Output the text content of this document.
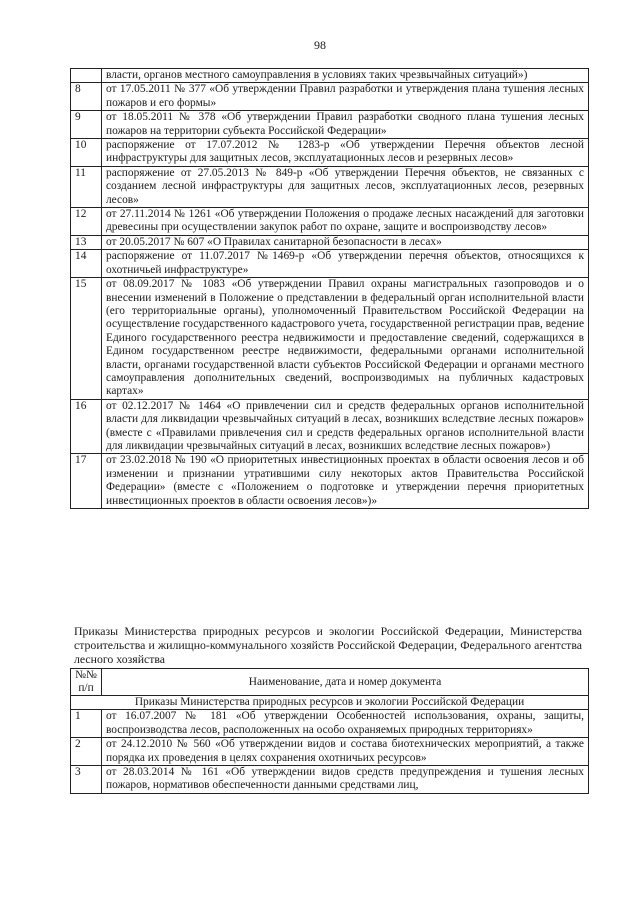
98
	власти, органов местного самоуправления в условиях таких чрезвычайных ситуаций»)
8	от 17.05.2011 № 377 «Об утверждении Правил разработки и утверждения плана тушения лесных пожаров и его формы»
9	от 18.05.2011 № 378 «Об утверждении Правил разработки сводного плана тушения лесных пожаров на территории субъекта Российской Федерации»
10	распоряжение от 17.07.2012 № 1283-р «Об утверждении Перечня объектов лесной инфраструктуры для защитных лесов, эксплуатационных лесов и резервных лесов»
11	распоряжение от 27.05.2013 № 849-р «Об утверждении Перечня объектов, не связанных с созданием лесной инфраструктуры для защитных лесов, эксплуатационных лесов, резервных лесов»
12	от 27.11.2014 № 1261 «Об утверждении Положения о продаже лесных насаждений для заготовки древесины при осуществлении закупок работ по охране, защите и воспроизводству лесов»
13	от 20.05.2017 № 607 «О Правилах санитарной безопасности в лесах»
14	распоряжение от 11.07.2017 №1469-р «Об утверждении перечня объектов, относящихся к охотничьей инфраструктуре»
15	от 08.09.2017 № 1083 «Об утверждении Правил охраны магистральных газопроводов и о внесении изменений в Положение о представлении в федеральный орган исполнительной власти (его территориальные органы), уполномоченный Правительством Российской Федерации на осуществление государственного кадастрового учета, государственной регистрации прав, ведение Единого государственного реестра недвижимости и предоставление сведений, содержащихся в Едином государственном реестре недвижимости, федеральными органами исполнительной власти, органами государственной власти субъектов Российской Федерации и органами местного самоуправления дополнительных сведений, воспроизводимых на публичных кадастровых картах»
16	от 02.12.2017 № 1464 «О привлечении сил и средств федеральных органов исполнительной власти для ликвидации чрезвычайных ситуаций в лесах, возникших вследствие лесных пожаров» (вместе с «Правилами привлечения сил и средств федеральных органов исполнительной власти для ликвидации чрезвычайных ситуаций в лесах, возникших вследствие лесных пожаров»)
17	от 23.02.2018 № 190 «О приоритетных инвестиционных проектах в области освоения лесов и об изменении и признании утратившими силу некоторых актов Правительства Российской Федерации» (вместе с «Положением о подготовке и утверждении перечня приоритетных инвестиционных проектов в области освоения лесов»)»
Приказы Министерства природных ресурсов и экологии Российской Федерации, Министерства строительства и жилищно-коммунального хозяйств Российской Федерации, Федерального агентства лесного хозяйства
№№ п/п	Наименование, дата и номер документа
Приказы Министерства природных ресурсов и экологии Российской Федерации	
1	от 16.07.2007 № 181 «Об утверждении Особенностей использования, охраны, защиты, воспроизводства лесов, расположенных на особо охраняемых природных территориях»
2	от 24.12.2010 № 560 «Об утверждении видов и состава биотехнических мероприятий, а также порядка их проведения в целях сохранения охотничьих ресурсов»
3	от 28.03.2014 № 161 «Об утверждении видов средств предупреждения и тушения лесных пожаров, нормативов обеспеченности данными средствами лиц,
